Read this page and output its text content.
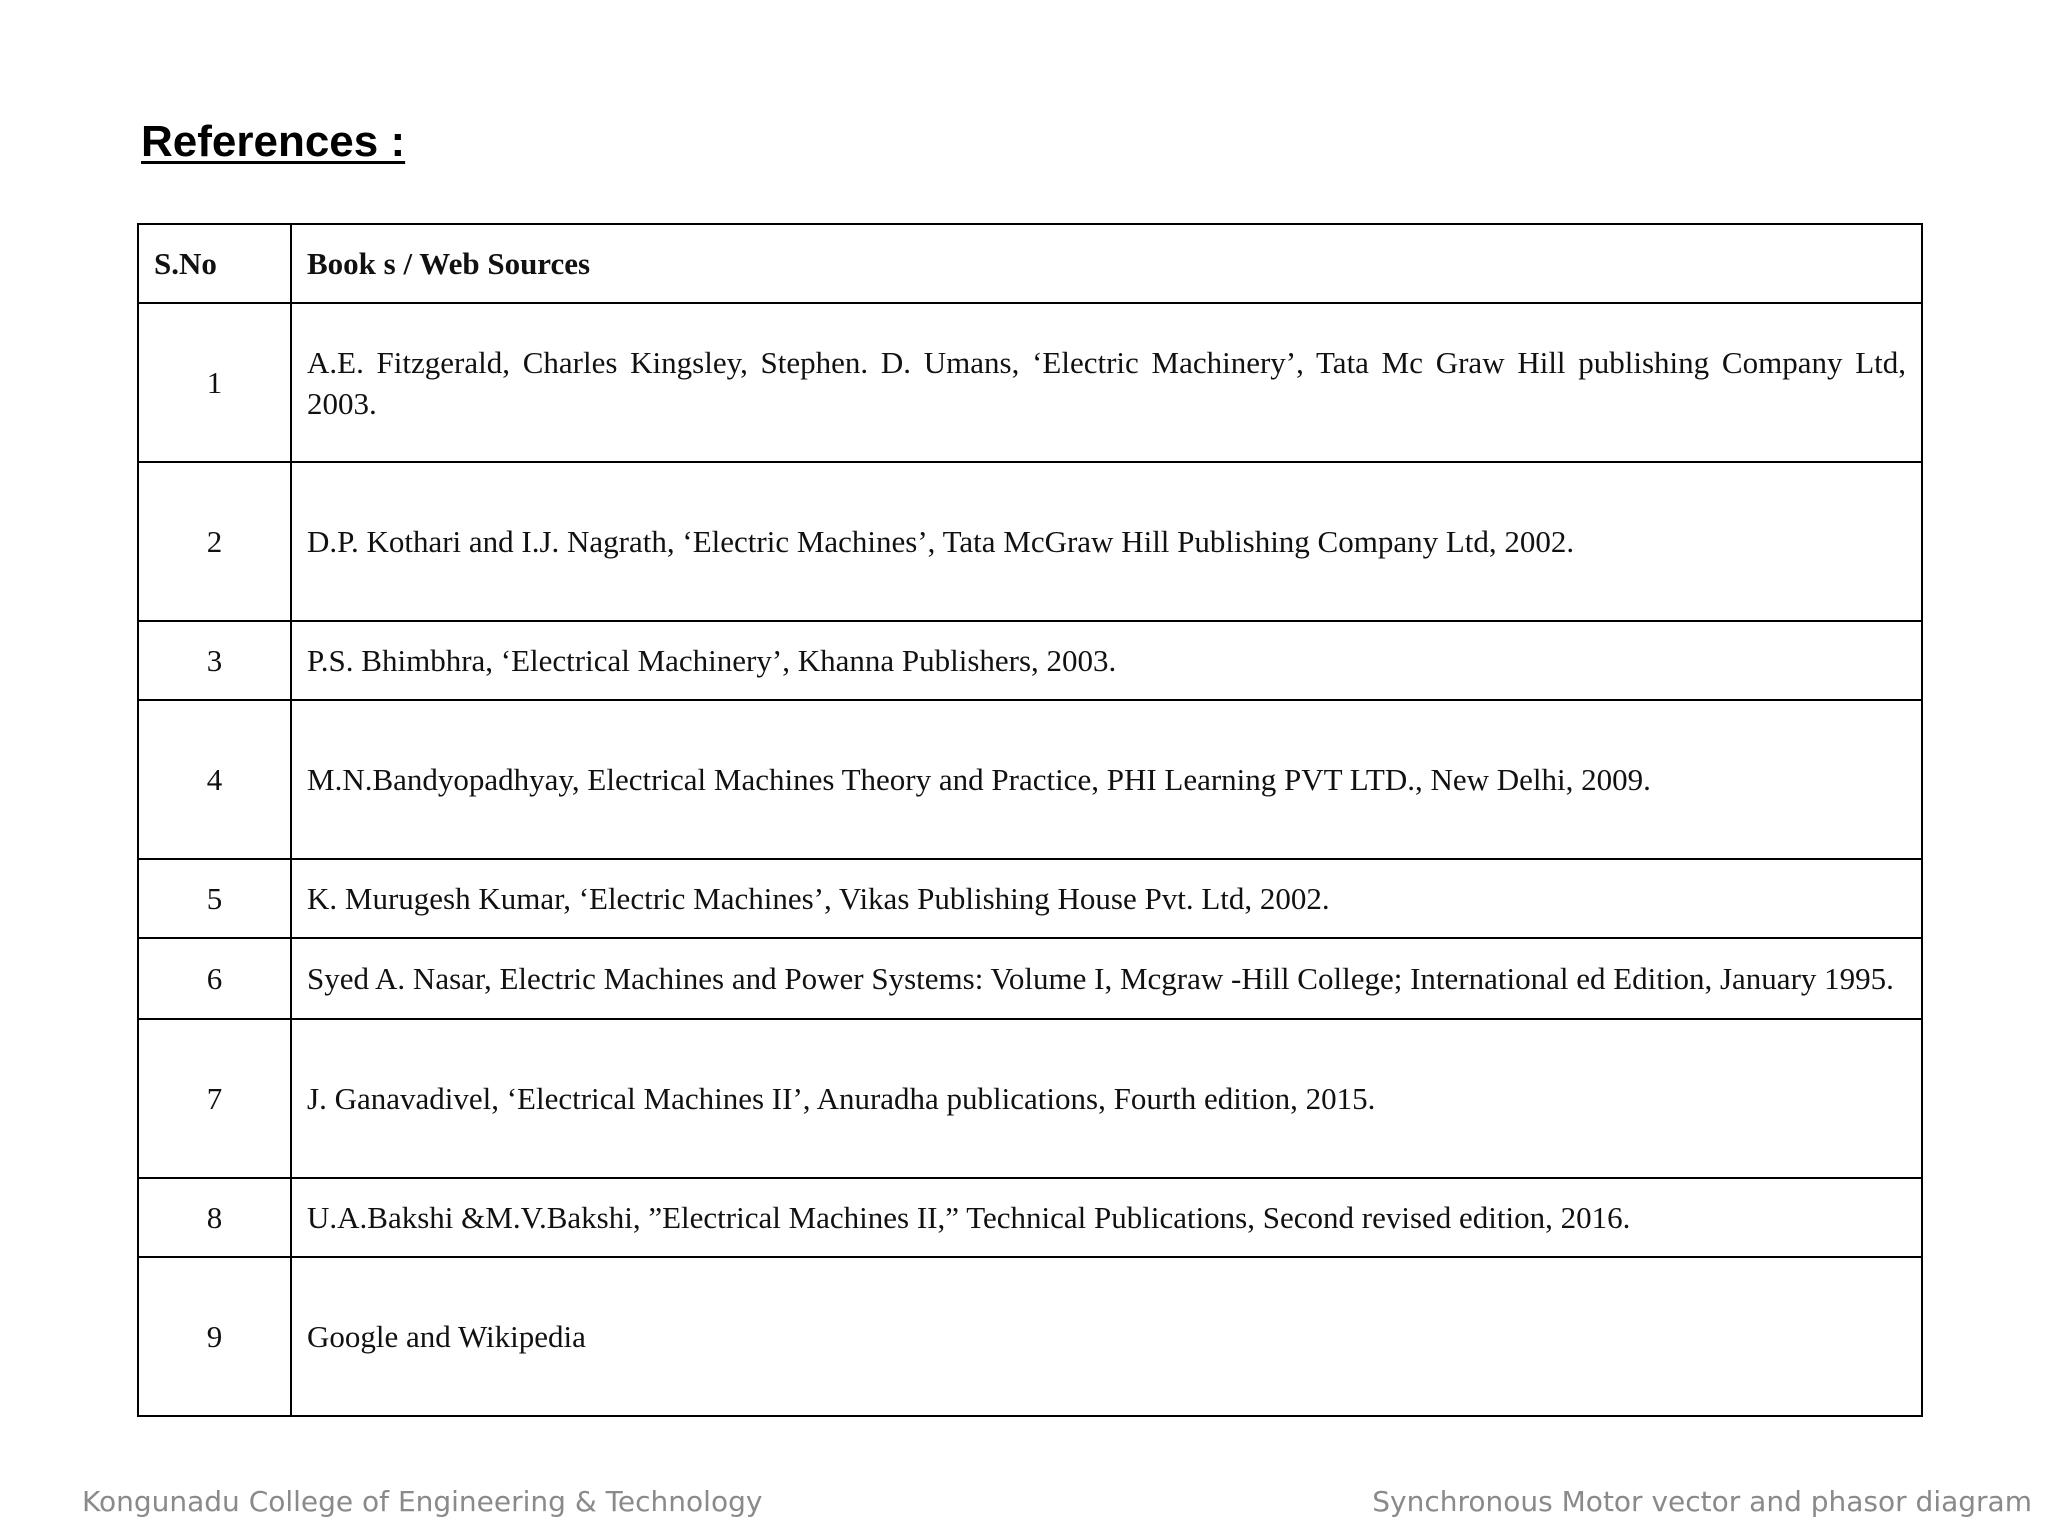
References :
S.No	Book s / Web Sources
1	A.E. Fitzgerald, Charles Kingsley, Stephen. D. Umans, ‘Electric Machinery’, Tata Mc Graw Hill publishing Company Ltd, 2003.
2	D.P. Kothari and I.J. Nagrath, ‘Electric Machines’, Tata McGraw Hill Publishing Company Ltd, 2002.
3	P.S. Bhimbhra, ‘Electrical Machinery’, Khanna Publishers, 2003.
4	M.N.Bandyopadhyay, Electrical Machines Theory and Practice, PHI Learning PVT LTD., New Delhi, 2009.
5	K. Murugesh Kumar, ‘Electric Machines’, Vikas Publishing House Pvt. Ltd, 2002.
6	Syed A. Nasar, Electric Machines and Power Systems: Volume I, Mcgraw -Hill College; International ed Edition, January 1995.
7	J. Ganavadivel, ‘Electrical Machines II’, Anuradha publications, Fourth edition, 2015.
8	U.A.Bakshi &M.V.Bakshi, ”Electrical Machines II,” Technical Publications, Second revised edition, 2016.
9	Google and Wikipedia
Kongunadu College of Engineering & Technology	Synchronous Motor vector and phasor diagram
